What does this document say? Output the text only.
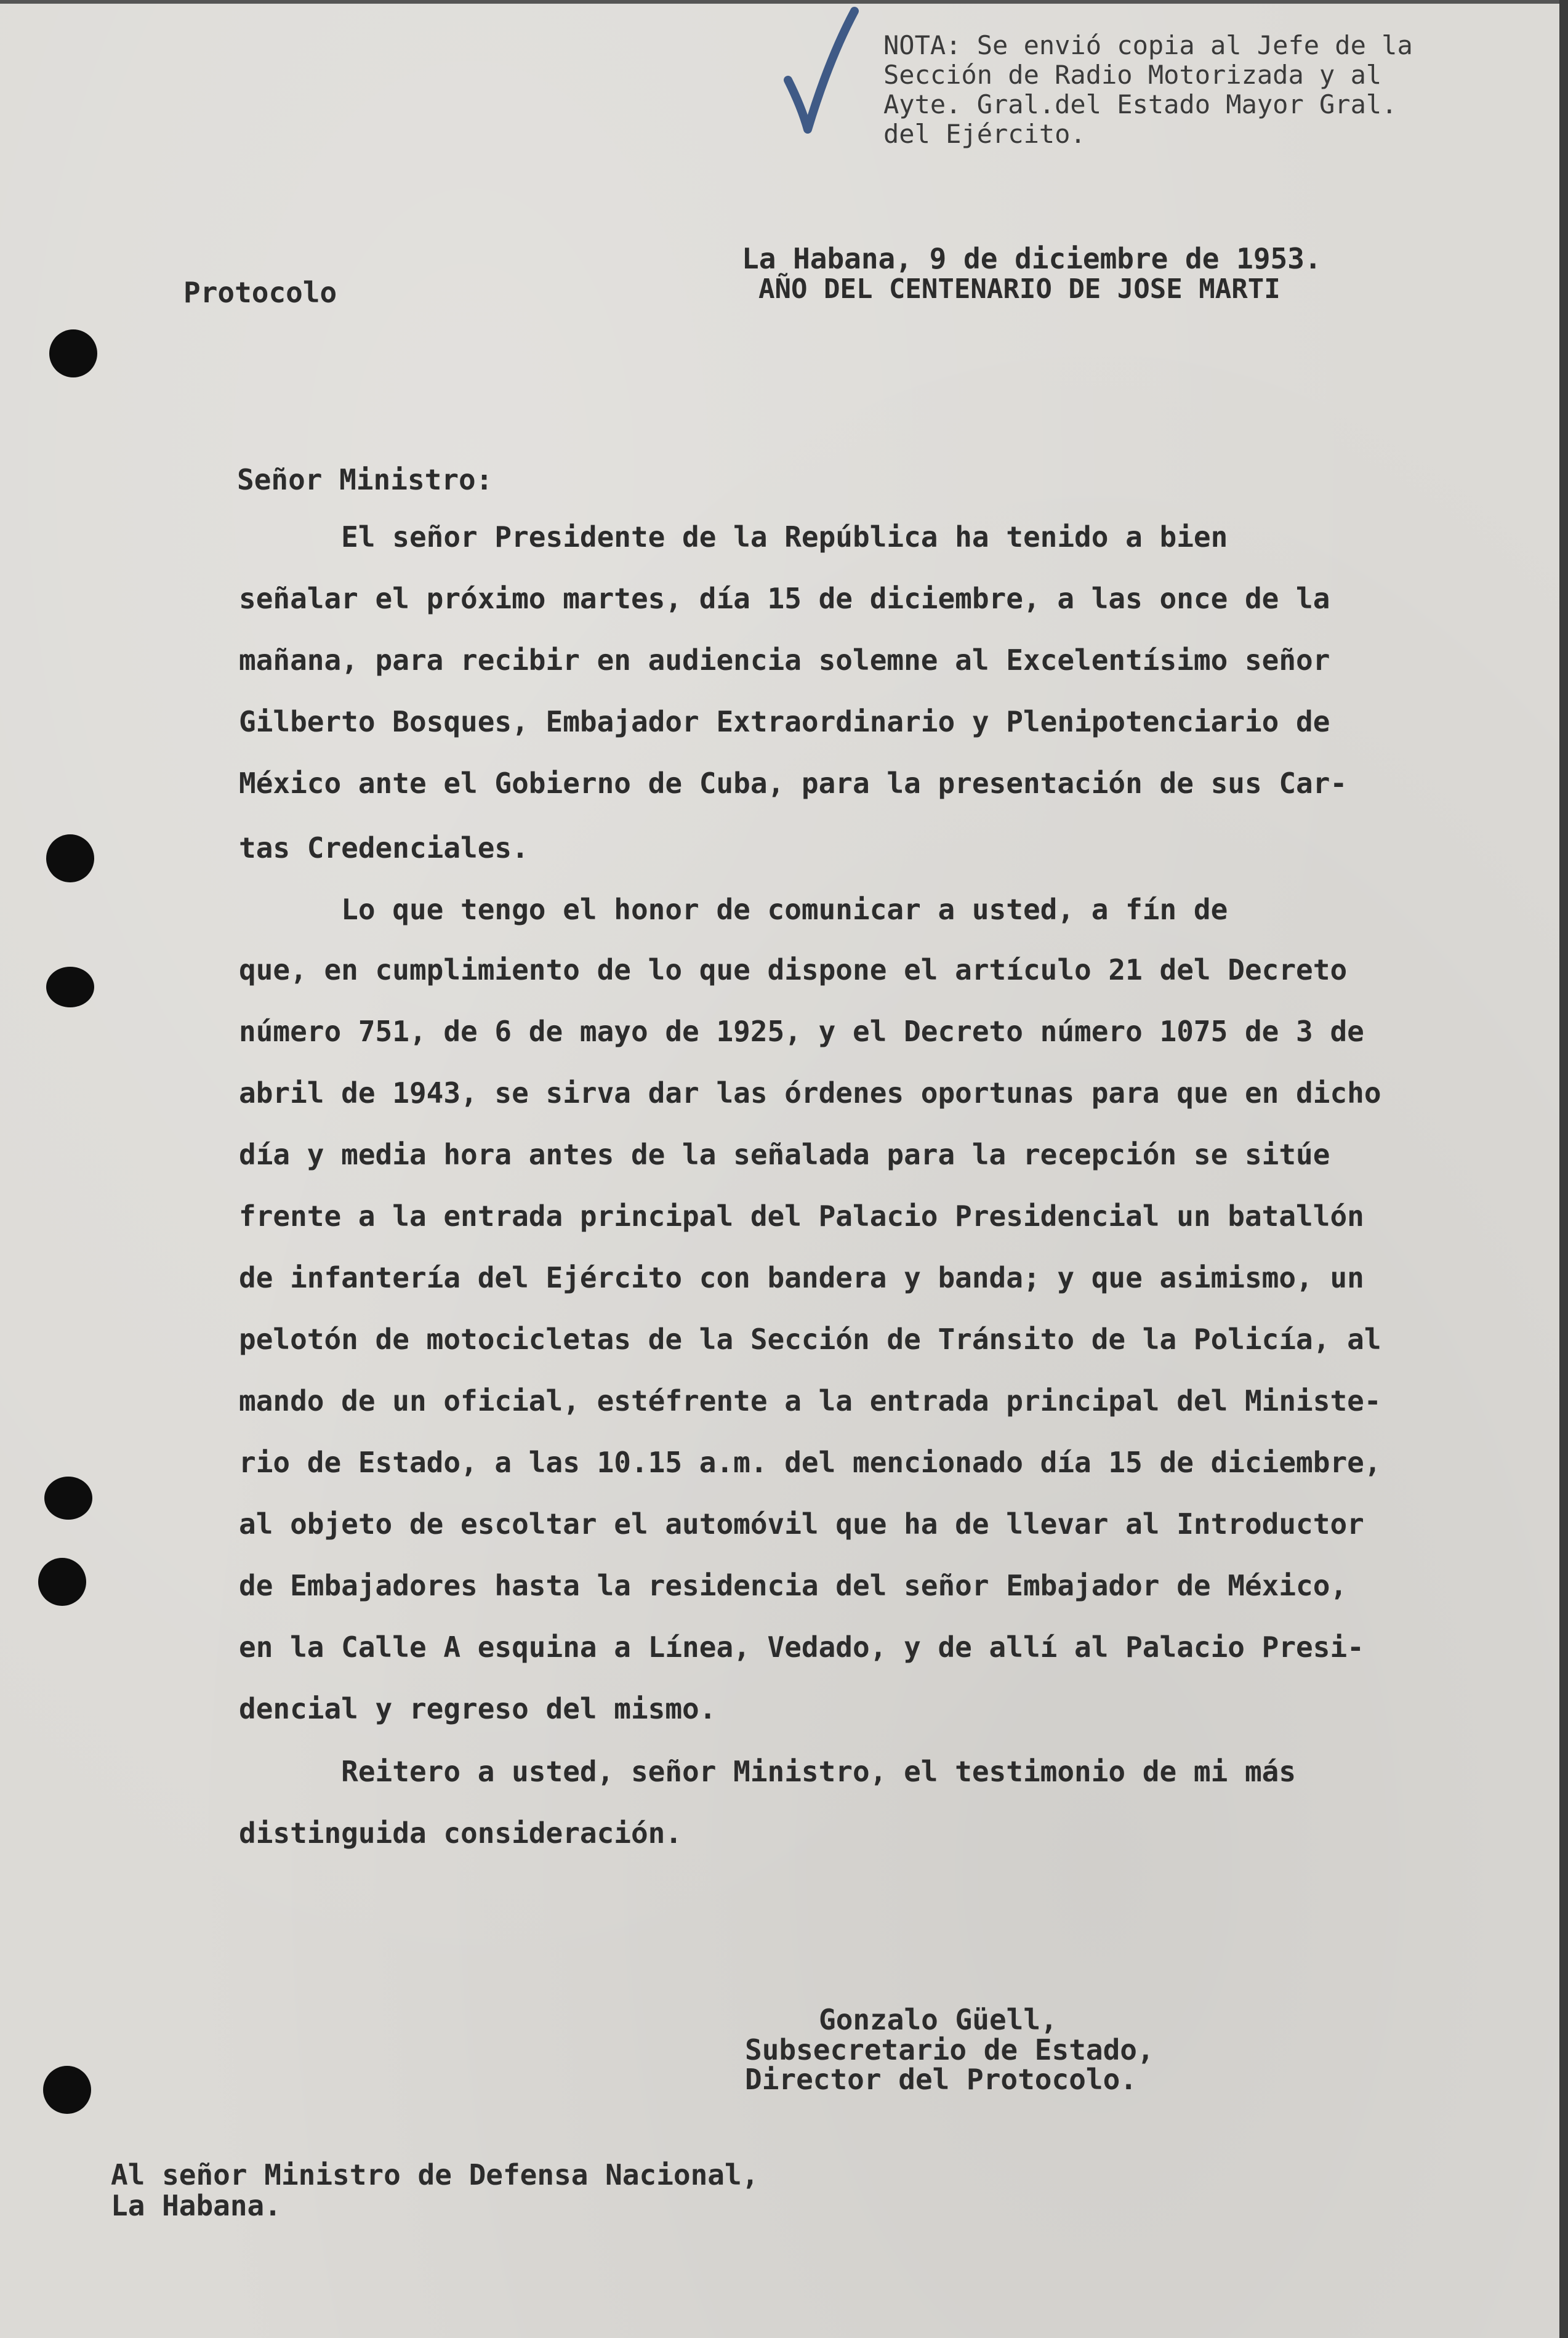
NOTA: Se envió copia al Jefe de la
Sección de Radio Motorizada y al
Ayte. Gral.del Estado Mayor Gral.
del Ejército.
La Habana, 9 de diciembre de 1953.
AÑO DEL CENTENARIO DE JOSE MARTI
Protocolo
Señor Ministro:
El señor Presidente de la República ha tenido a bien
señalar el próximo martes, día 15 de diciembre, a las once de la
mañana, para recibir en audiencia solemne al Excelentísimo señor
Gilberto Bosques, Embajador Extraordinario y Plenipotenciario de
México ante el Gobierno de Cuba, para la presentación de sus Car-
tas Credenciales.
Lo que tengo el honor de comunicar a usted, a fín de
que, en cumplimiento de lo que dispone el artículo 21 del Decreto
número 751, de 6 de mayo de 1925, y el Decreto número 1075 de 3 de
abril de 1943, se sirva dar las órdenes oportunas para que en dicho
día y media hora antes de la señalada para la recepción se sitúe
frente a la entrada principal del Palacio Presidencial un batallón
de infantería del Ejército con bandera y banda; y que asimismo, un
pelotón de motocicletas de la Sección de Tránsito de la Policía, al
mando de un oficial, estéfrente a la entrada principal del Ministe-
rio de Estado, a las 10.15 a.m. del mencionado día 15 de diciembre,
al objeto de escoltar el automóvil que ha de llevar al Introductor
de Embajadores hasta la residencia del señor Embajador de México,
en la Calle A esquina a Línea, Vedado, y de allí al Palacio Presi-
dencial y regreso del mismo.
Reitero a usted, señor Ministro, el testimonio de mi más
distinguida consideración.
Gonzalo Güell,
Subsecretario de Estado,
Director del Protocolo.
Al señor Ministro de Defensa Nacional,
La Habana.
